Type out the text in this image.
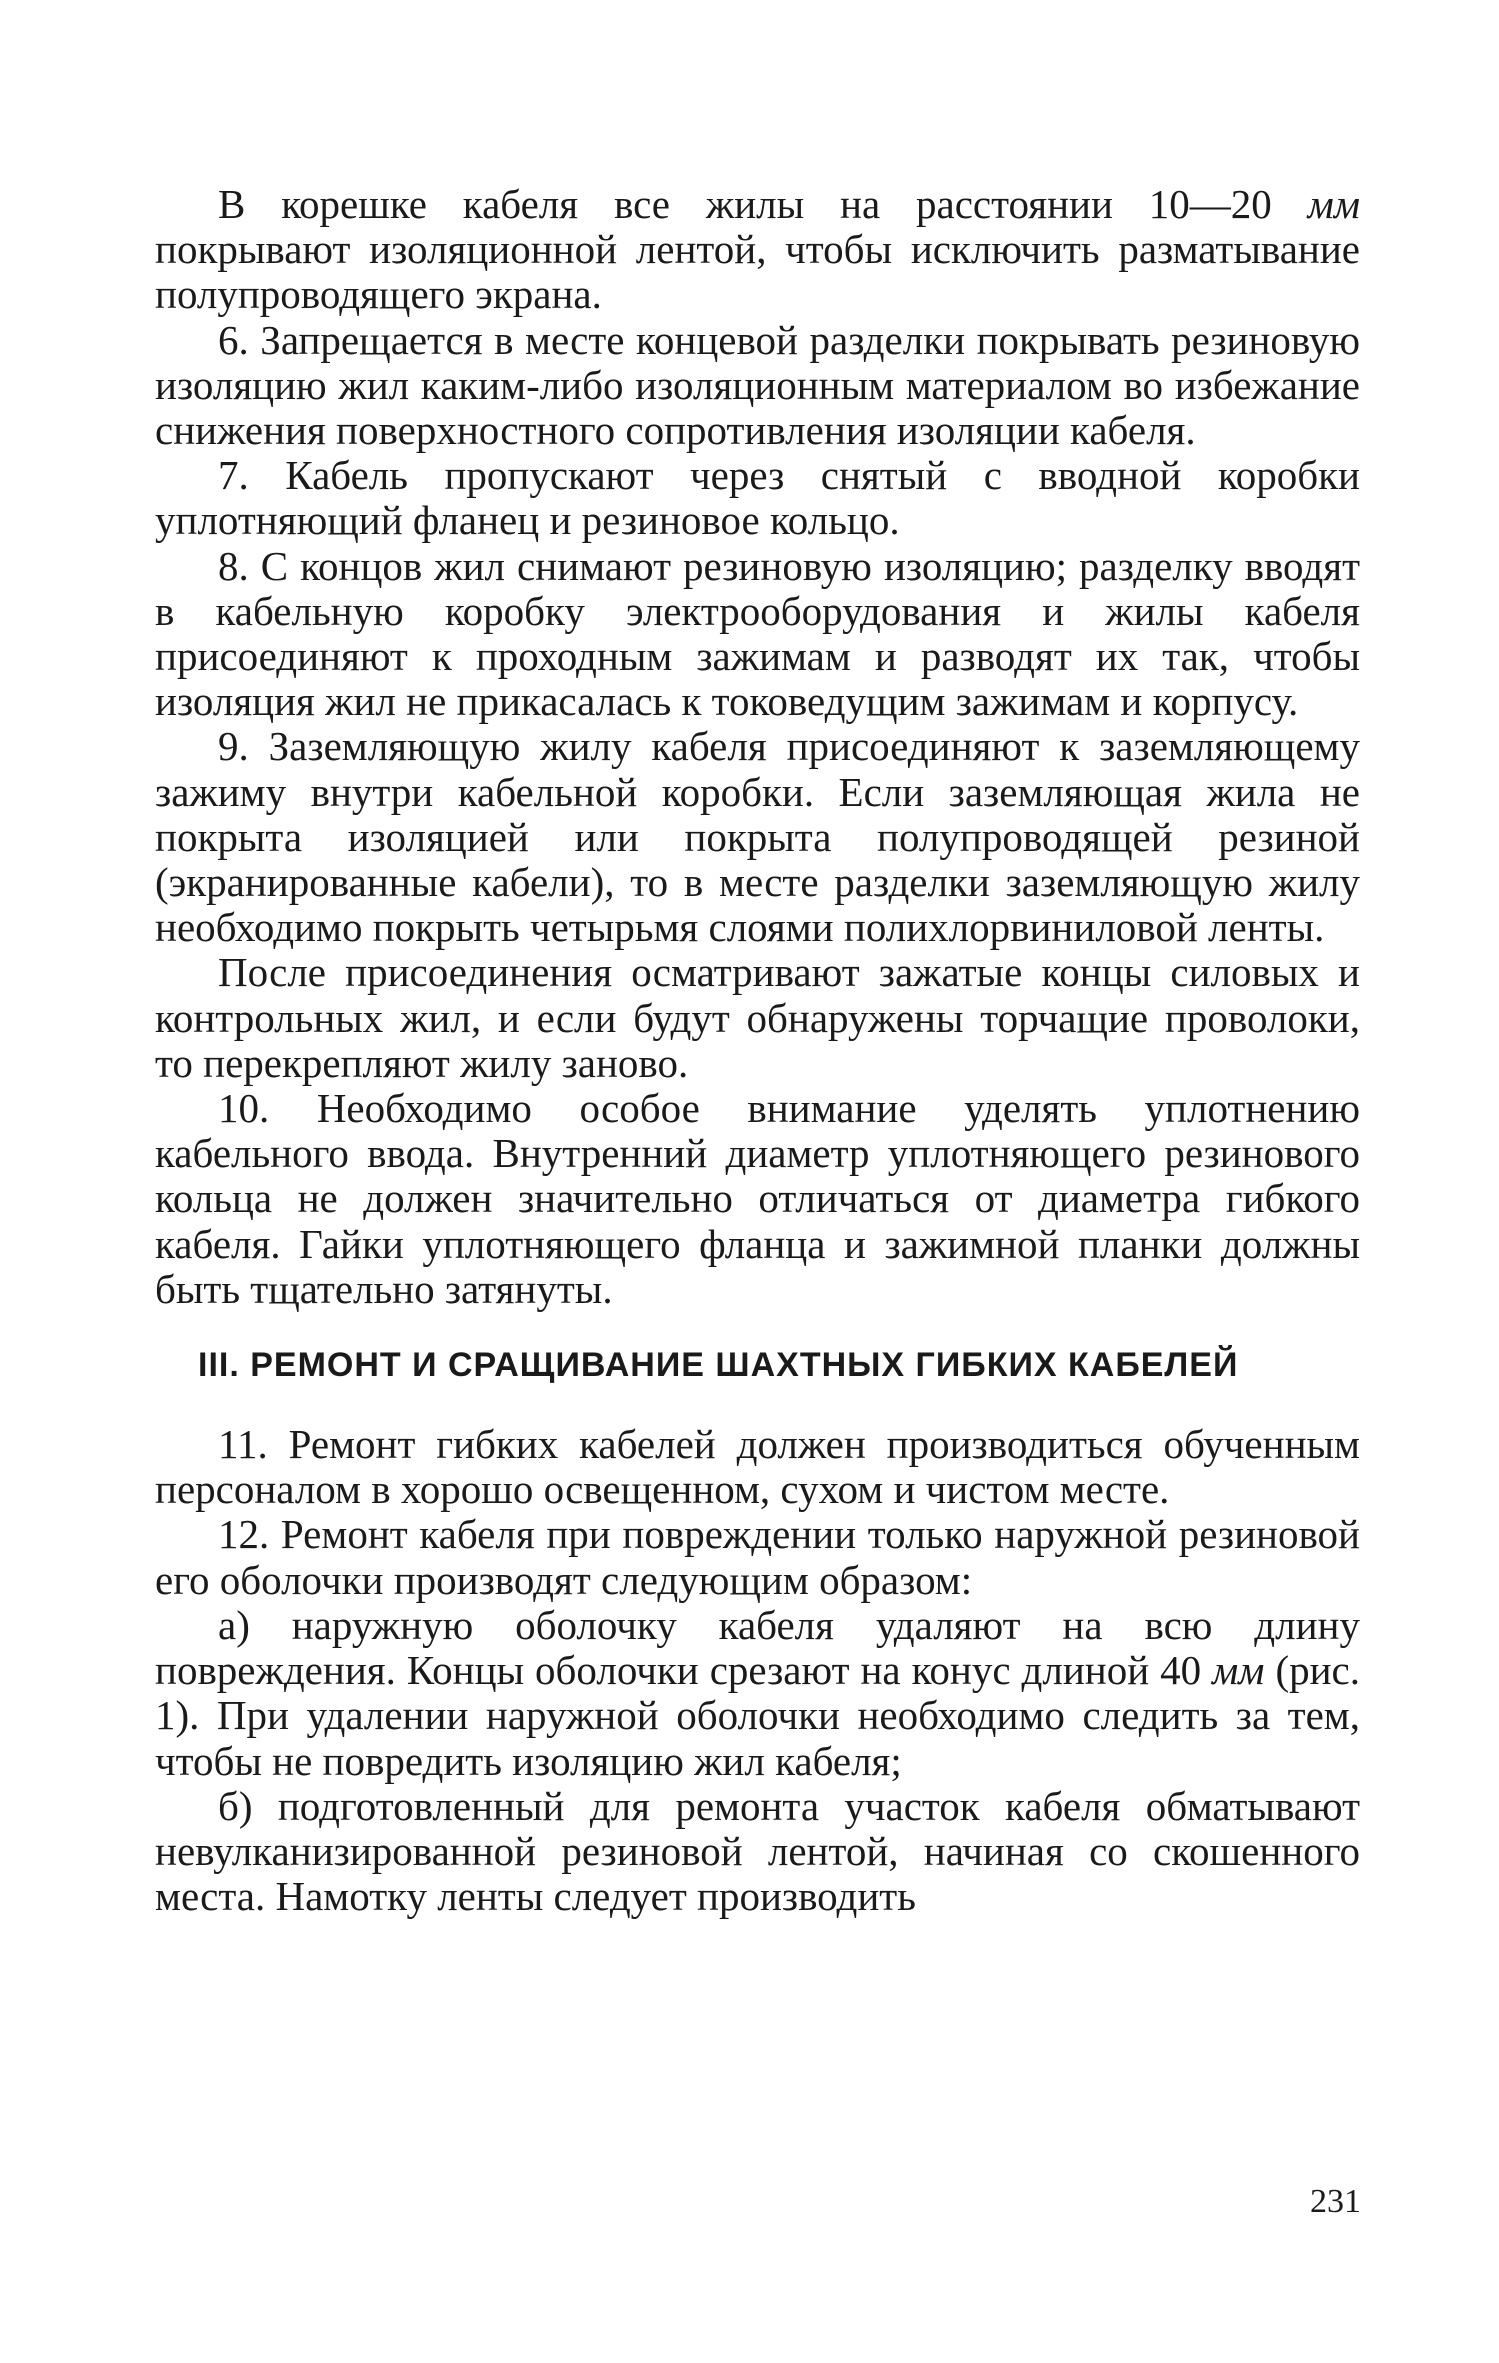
В корешке кабеля все жилы на расстоянии 10—20 мм покрывают изоляционной лентой, чтобы исключить разматывание полупроводящего экрана.

6. Запрещается в месте концевой разделки покрывать резиновую изоляцию жил каким-либо изоляционным материалом во избежание снижения поверхностного сопротивления изоляции кабеля.

7. Кабель пропускают через снятый с вводной коробки уплотняющий фланец и резиновое кольцо.

8. С концов жил снимают резиновую изоляцию; разделку вводят в кабельную коробку электрооборудования и жилы кабеля присоединяют к проходным зажимам и разводят их так, чтобы изоляция жил не прикасалась к токоведущим зажимам и корпусу.

9. Заземляющую жилу кабеля присоединяют к заземляющему зажиму внутри кабельной коробки. Если заземляющая жила не покрыта изоляцией или покрыта полупроводящей резиной (экранированные кабели), то в месте разделки заземляющую жилу необходимо покрыть четырьмя слоями полихлорвиниловой ленты.

После присоединения осматривают зажатые концы силовых и контрольных жил, и если будут обнаружены торчащие проволоки, то перекрепляют жилу заново.

10. Необходимо особое внимание уделять уплотнению кабельного ввода. Внутренний диаметр уплотняющего резинового кольца не должен значительно отличаться от диаметра гибкого кабеля. Гайки уплотняющего фланца и зажимной планки должны быть тщательно затянуты.

III. РЕМОНТ И СРАЩИВАНИЕ ШАХТНЫХ ГИБКИХ КАБЕЛЕЙ

11. Ремонт гибких кабелей должен производиться обученным персоналом в хорошо освещенном, сухом и чистом месте.

12. Ремонт кабеля при повреждении только наружной резиновой его оболочки производят следующим образом:

а) наружную оболочку кабеля удаляют на всю длину повреждения. Концы оболочки срезают на конус длиной 40 мм (рис. 1). При удалении наружной оболочки необходимо следить за тем, чтобы не повредить изоляцию жил кабеля;

б) подготовленный для ремонта участок кабеля обматывают невулканизированной резиновой лентой, начиная со скошенного места. Намотку ленты следует производить

231
